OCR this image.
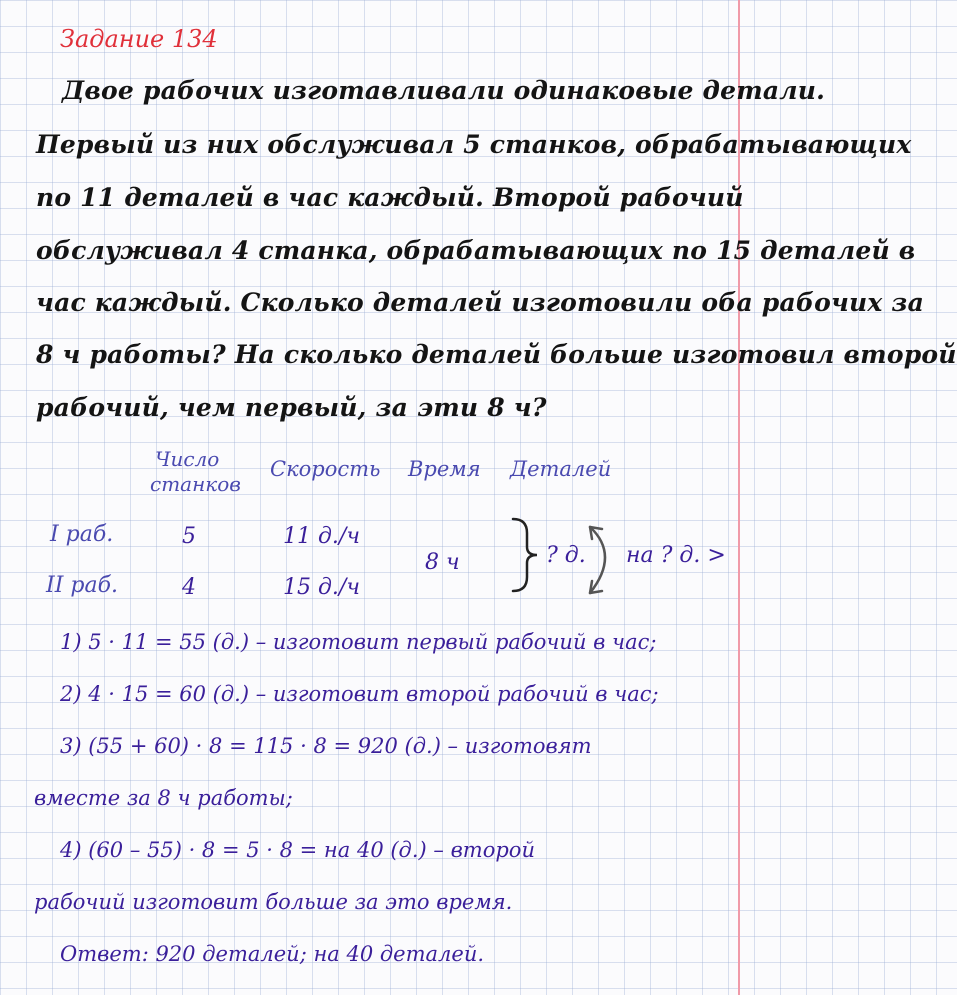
Задание 134
Двое рабочих изготавливали одинаковые детали.
Первый из них обслуживал 5 станков, обрабатывающих
по 11 деталей в час каждый. Второй рабочий
обслуживал 4 станка, обрабатывающих по 15 деталей в
час каждый. Сколько деталей изготовили оба рабочих за
8 ч работы? На сколько деталей больше изготовил второй
рабочий, чем первый, за эти 8 ч?
Число
станков
Скорость Время Деталей
I раб.	5	11 д./ч
II раб.	4	15 д./ч
8 ч	? д. на ? д. >
1) 5 · 11 = 55 (д.) – изготовит первый рабочий в час;
2) 4 · 15 = 60 (д.) – изготовит второй рабочий в час;
3) (55 + 60) · 8 = 115 · 8 = 920 (д.) – изготовят
вместе за 8 ч работы;
4) (60 – 55) · 8 = 5 · 8 = на 40 (д.) – второй
рабочий изготовит больше за это время.
Ответ: 920 деталей; на 40 деталей.
